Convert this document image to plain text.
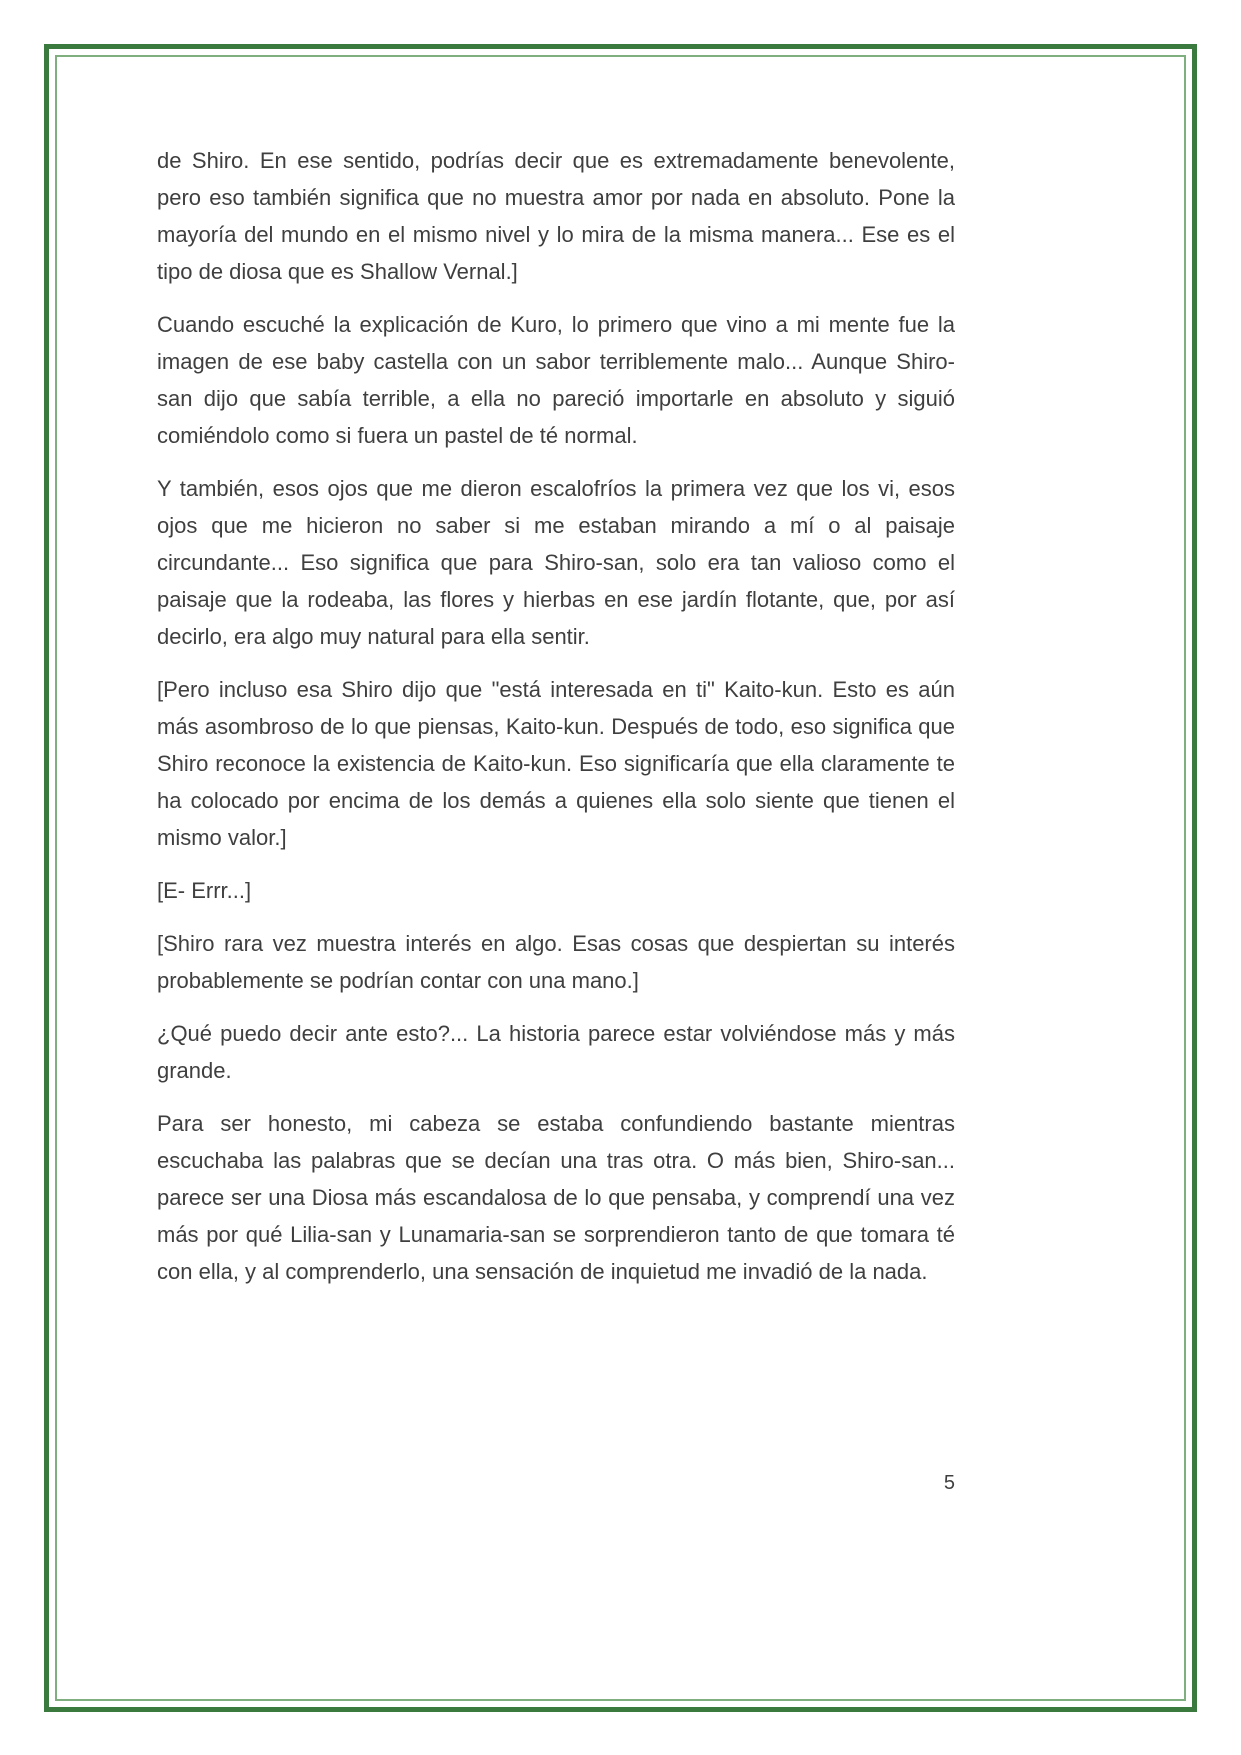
de Shiro. En ese sentido, podrías decir que es extremadamente benevolente, pero eso también significa que no muestra amor por nada en absoluto. Pone la mayoría del mundo en el mismo nivel y lo mira de la misma manera... Ese es el tipo de diosa que es Shallow Vernal.]

Cuando escuché la explicación de Kuro, lo primero que vino a mi mente fue la imagen de ese baby castella con un sabor terriblemente malo... Aunque Shiro-san dijo que sabía terrible, a ella no pareció importarle en absoluto y siguió comiéndolo como si fuera un pastel de té normal.

Y también, esos ojos que me dieron escalofríos la primera vez que los vi, esos ojos que me hicieron no saber si me estaban mirando a mí o al paisaje circundante... Eso significa que para Shiro-san, solo era tan valioso como el paisaje que la rodeaba, las flores y hierbas en ese jardín flotante, que, por así decirlo, era algo muy natural para ella sentir.

[Pero incluso esa Shiro dijo que "está interesada en ti" Kaito-kun. Esto es aún más asombroso de lo que piensas, Kaito-kun. Después de todo, eso significa que Shiro reconoce la existencia de Kaito-kun. Eso significaría que ella claramente te ha colocado por encima de los demás a quienes ella solo siente que tienen el mismo valor.]

[E- Errr...]

[Shiro rara vez muestra interés en algo. Esas cosas que despiertan su interés probablemente se podrían contar con una mano.]

¿Qué puedo decir ante esto?... La historia parece estar volviéndose más y más grande.

Para ser honesto, mi cabeza se estaba confundiendo bastante mientras escuchaba las palabras que se decían una tras otra. O más bien, Shiro-san... parece ser una Diosa más escandalosa de lo que pensaba, y comprendí una vez más por qué Lilia-san y Lunamaria-san se sorprendieron tanto de que tomara té con ella, y al comprenderlo, una sensación de inquietud me invadió de la nada.

5
